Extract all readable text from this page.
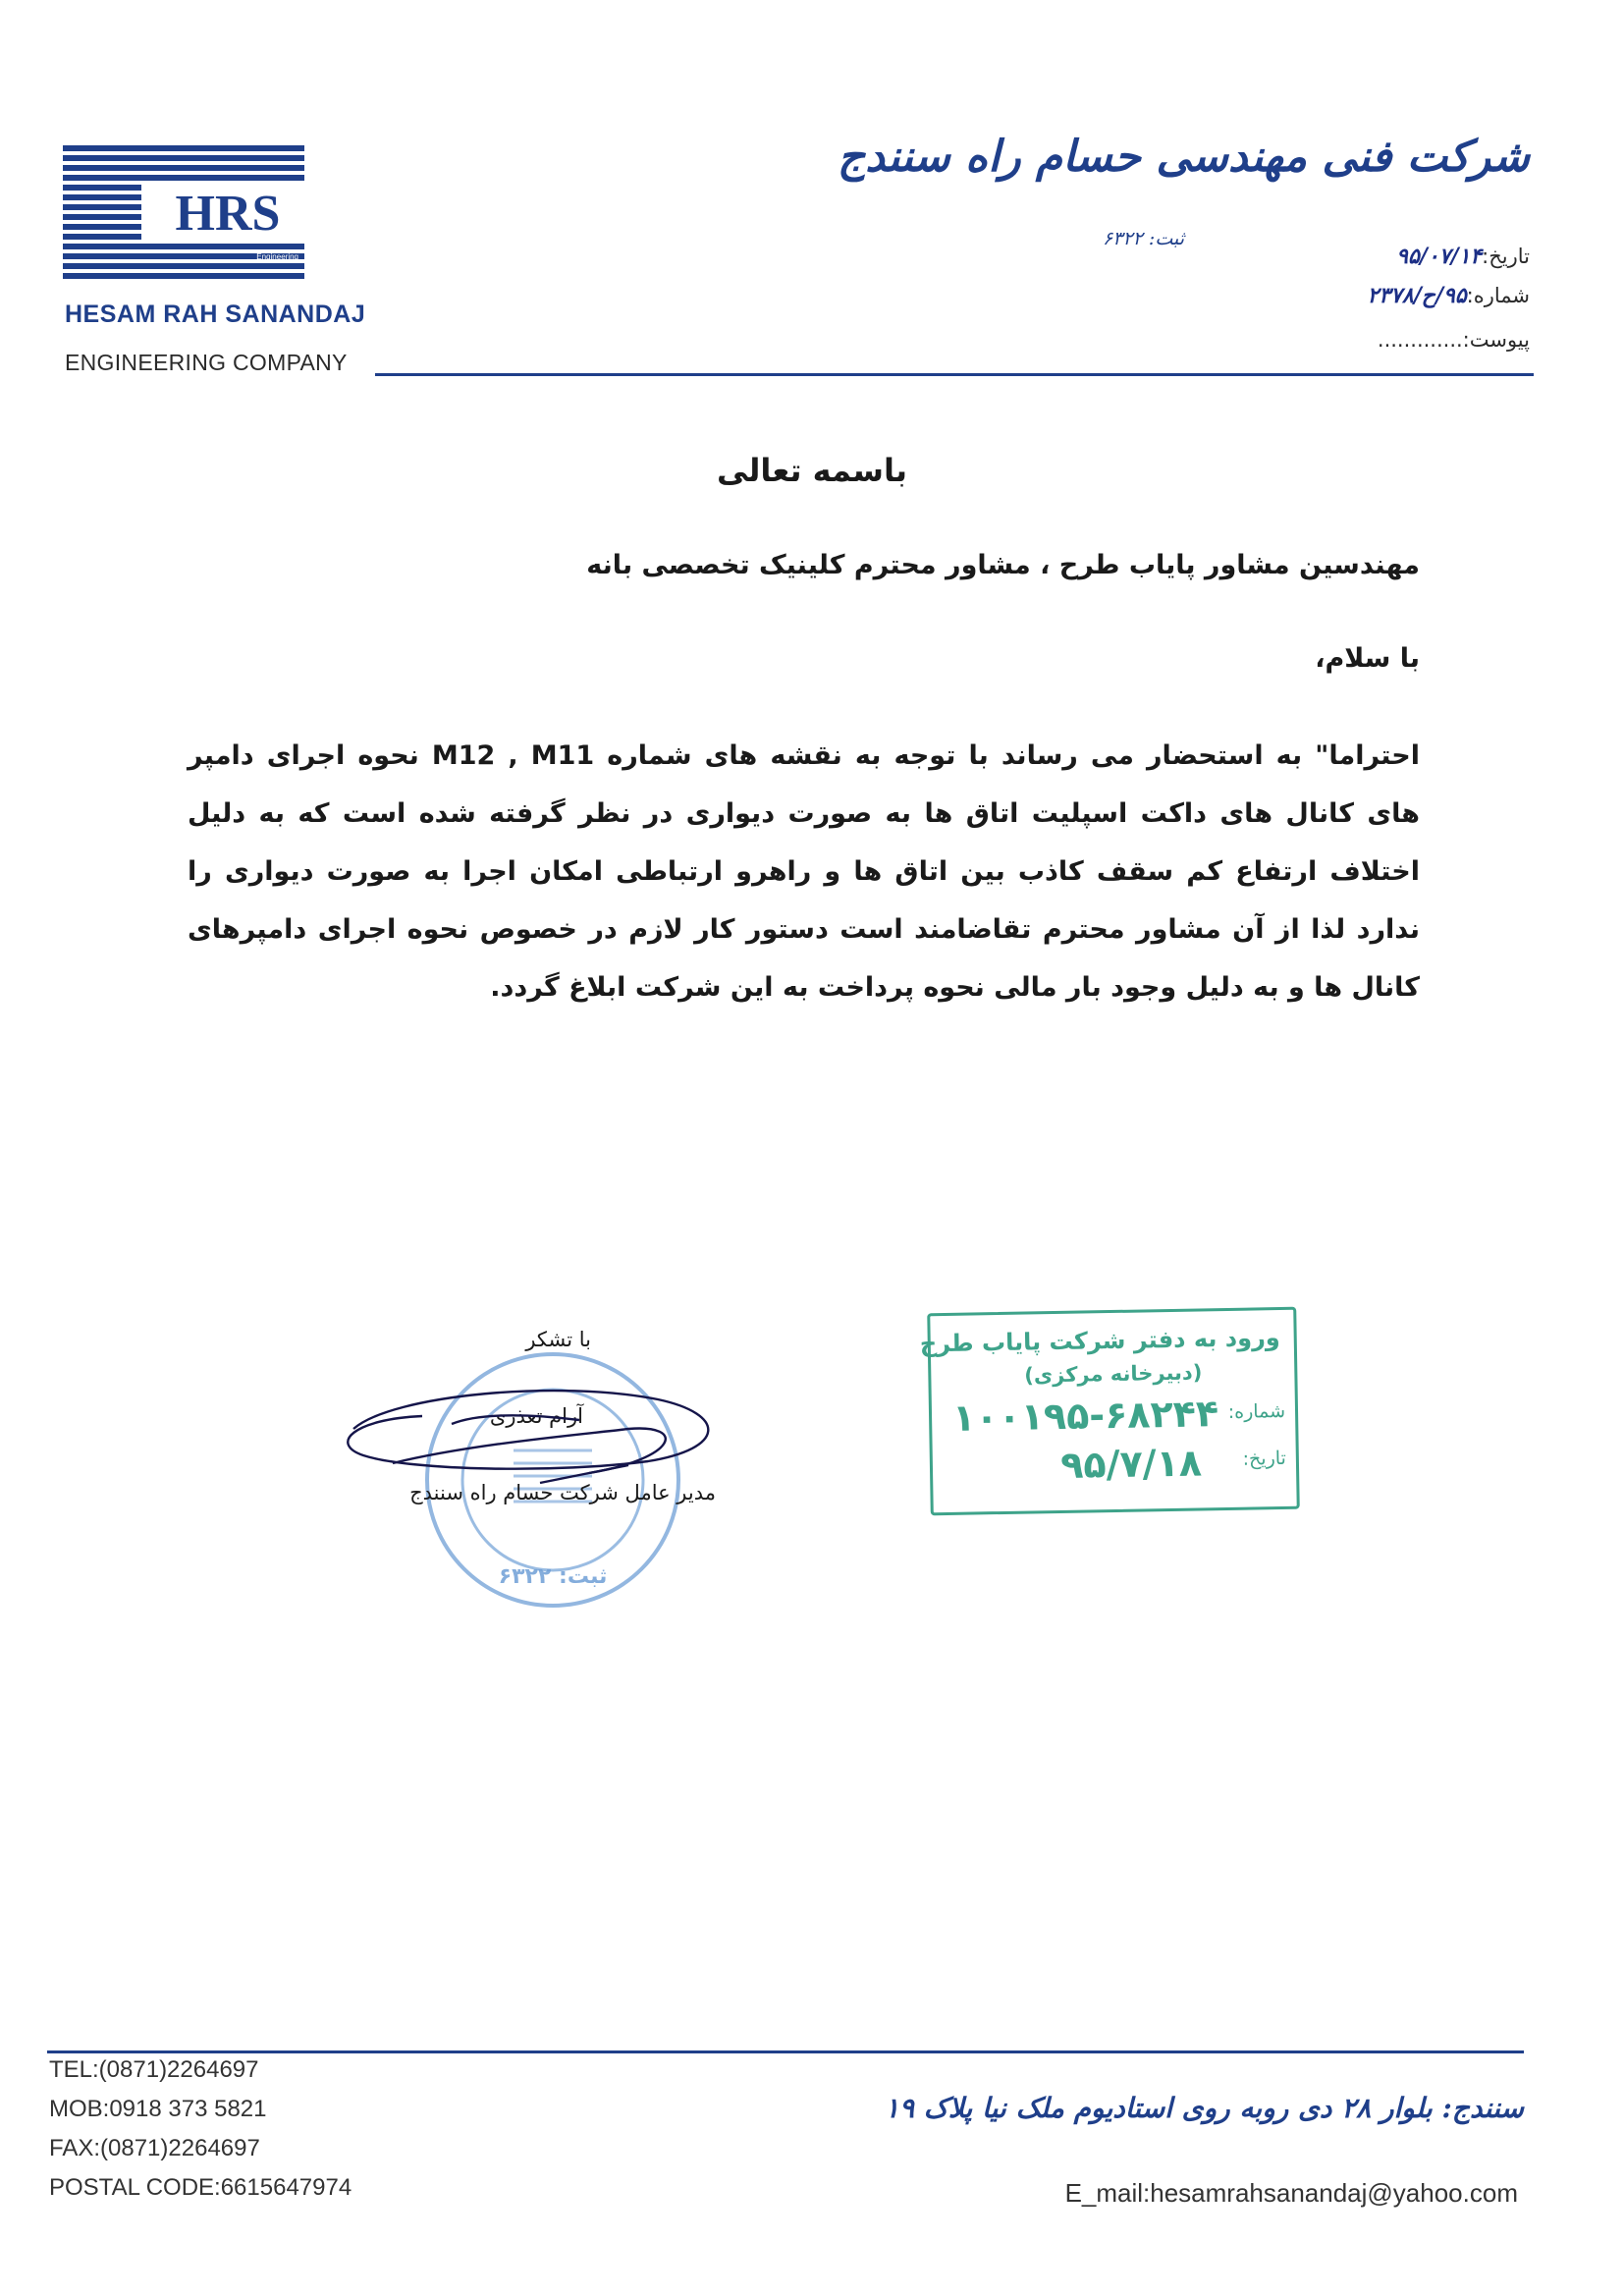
HRS
Engineering
HESAM RAH SANANDAJ
ENGINEERING COMPANY
شرکت فنی مهندسی حسام راه سنندج
ثبت: ۶۳۲۲
تاریخ:۹۵/۰۷/۱۴
شماره:۹۵/ح/۲۳۷۸
پیوست:.............
باسمه تعالی
مهندسین مشاور پایاب طرح ، مشاور محترم کلینیک تخصصی بانه
با سلام،
احتراما" به استحضار می رساند با توجه به نقشه های شماره M12 , M11 نحوه اجرای دامپر های کانال های داکت اسپلیت اتاق ها به صورت دیواری در نظر گرفته شده است که به دلیل اختلاف ارتفاع کم سقف کاذب بین اتاق ها و راهرو ارتباطی امکان اجرا به صورت دیواری را ندارد لذا از آن مشاور محترم تقاضامند است دستور کار لازم در خصوص نحوه اجرای دامپرهای کانال ها و به دلیل وجود بار مالی نحوه پرداخت به این شرکت ابلاغ گردد.
ثبت: ۶۳۲۲
با تشکر
آرام تعذری
مدیر عامل شرکت حسام راه سنندج
ورود به دفتر شرکت پایاب طرح
(دبیرخانه مرکزی)
شماره:
۱۰۰۱۹۵-۶۸۲۴۴
تاریخ:
۹۵/۷/۱۸
TEL:(0871)2264697
MOB:0918 373 5821
FAX:(0871)2264697
POSTAL CODE:6615647974
سنندج: بلوار ۲۸ دی روبه روی استادیوم ملک نیا پلاک ۱۹
E_mail:hesamrahsanandaj@yahoo.com
